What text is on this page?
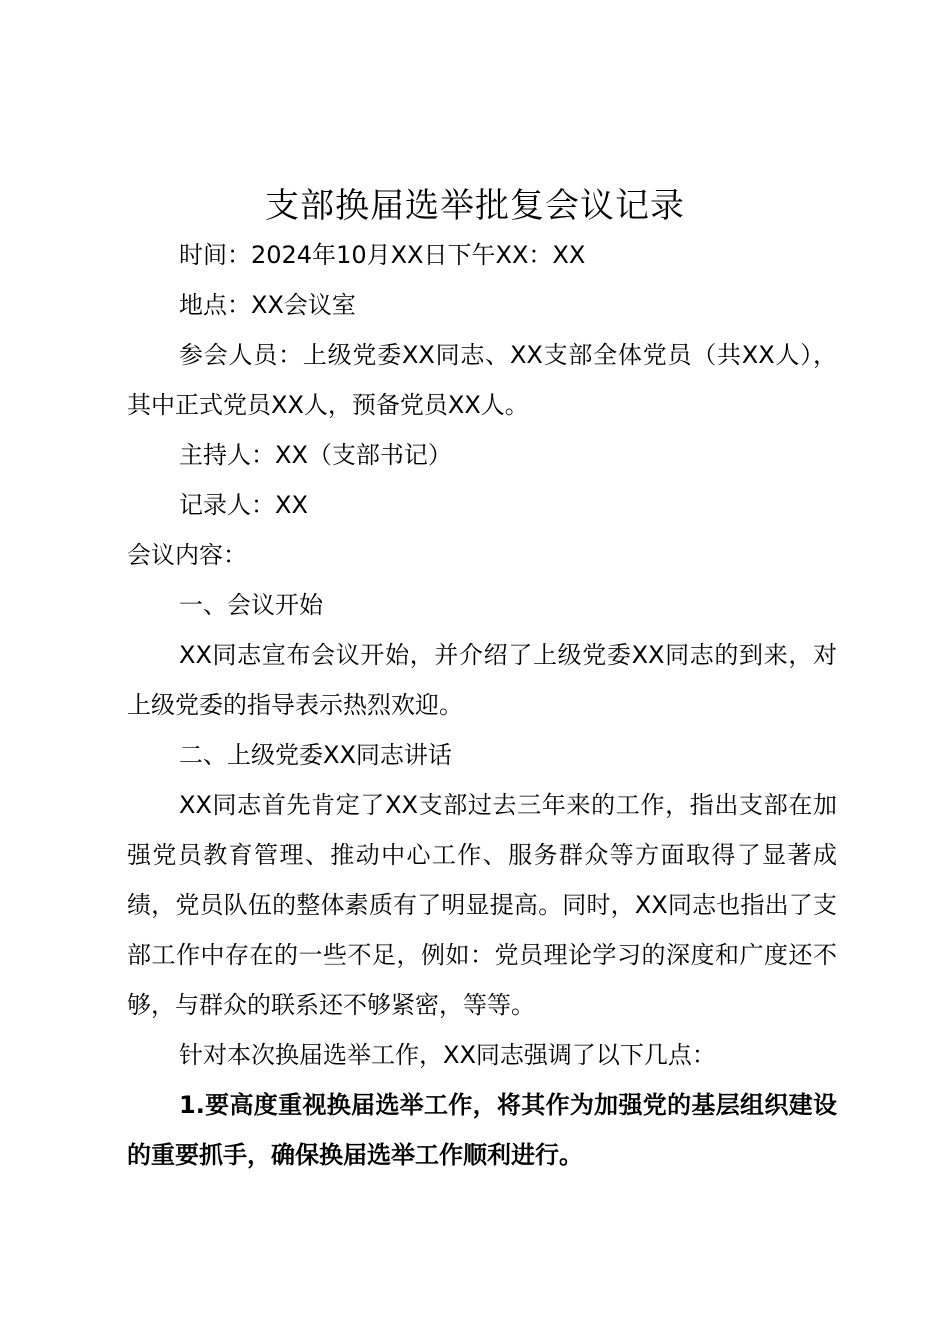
支部换届选举批复会议记录

时间：2024年10月XX日下午XX：XX

地点：XX会议室

参会人员：上级党委XX同志、XX支部全体党员（共XX人），其中正式党员XX人，预备党员XX人。

主持人：XX（支部书记）

记录人：XX

会议内容：

一、会议开始

XX同志宣布会议开始，并介绍了上级党委XX同志的到来，对上级党委的指导表示热烈欢迎。

二、上级党委XX同志讲话

XX同志首先肯定了XX支部过去三年来的工作，指出支部在加强党员教育管理、推动中心工作、服务群众等方面取得了显著成绩，党员队伍的整体素质有了明显提高。同时，XX同志也指出了支部工作中存在的一些不足，例如：党员理论学习的深度和广度还不够，与群众的联系还不够紧密，等等。

针对本次换届选举工作，XX同志强调了以下几点：

1.要高度重视换届选举工作，将其作为加强党的基层组织建设的重要抓手，确保换届选举工作顺利进行。
